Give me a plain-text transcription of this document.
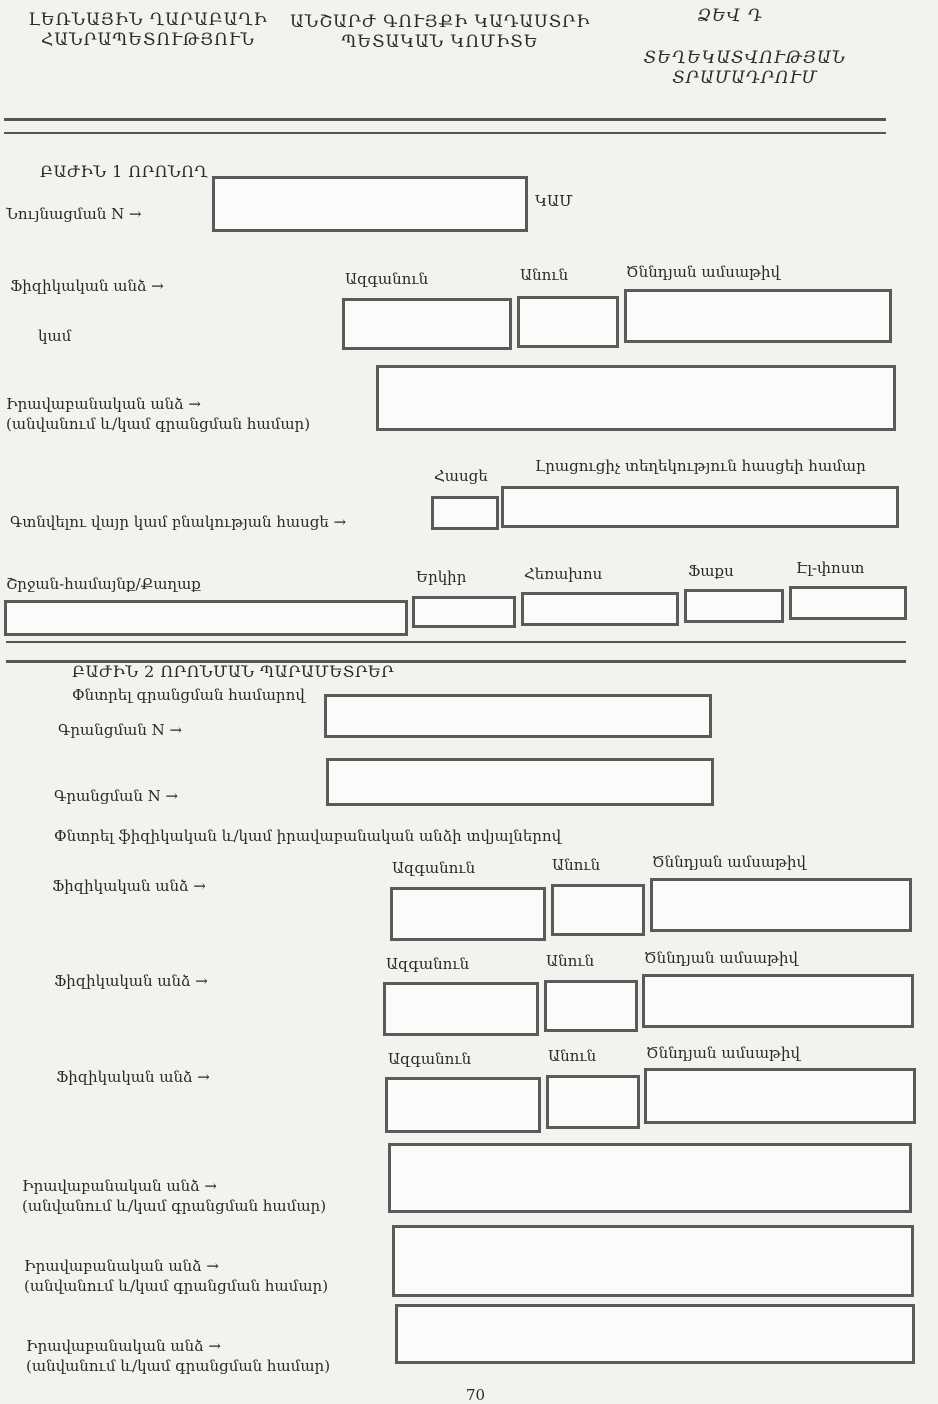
ԼԵՌՆԱՅԻՆ ՂԱՐԱԲԱՂԻ
ՀԱՆՐԱՊԵՏՈՒԹՅՈՒՆ
ԱՆՇԱՐԺ ԳՈՒՅՔԻ ԿԱԴԱՍՏՐԻ
ՊԵՏԱԿԱՆ ԿՈՄԻՏԵ
ՁԵՎ Դ
ՏԵՂԵԿԱՏՎՈՒԹՅԱՆ
ՏՐԱՄԱԴՐՈՒՄ
ԲԱԺԻՆ 1 ՈՐՈՆՈՂ
Նույնացման N →
ԿԱՄ
Ազգանուն	Անուն	Ծննդյան ամսաթիվ
Ֆիզիկական անձ →
կամ
Իրավաբանական անձ →
(անվանում և/կամ գրանցման համար)
Հասցե
Լրացուցիչ տեղեկություն հասցեի համար
Գտնվելու վայր կամ բնակության հասցե →
Շրջան-համայնք/Քաղաք	Երկիր	Հեռախոս	Ֆաքս	Էլ-փոստ
ԲԱԺԻՆ 2 ՈՐՈՆՄԱՆ ՊԱՐԱՄԵՏՐԵՐ
Փնտրել գրանցման համարով
Գրանցման N →
Գրանցման N →
Փնտրել ֆիզիկական և/կամ իրավաբանական անձի տվյալներով
Ազգանուն	Անուն	Ծննդյան ամսաթիվ
Ֆիզիկական անձ →
Ազգանուն	Անուն	Ծննդյան ամսաթիվ
Ֆիզիկական անձ →
Ազգանուն	Անուն	Ծննդյան ամսաթիվ
Ֆիզիկական անձ →
Իրավաբանական անձ →
(անվանում և/կամ գրանցման համար)
Իրավաբանական անձ →
(անվանում և/կամ գրանցման համար)
Իրավաբանական անձ →
(անվանում և/կամ գրանցման համար)
70
